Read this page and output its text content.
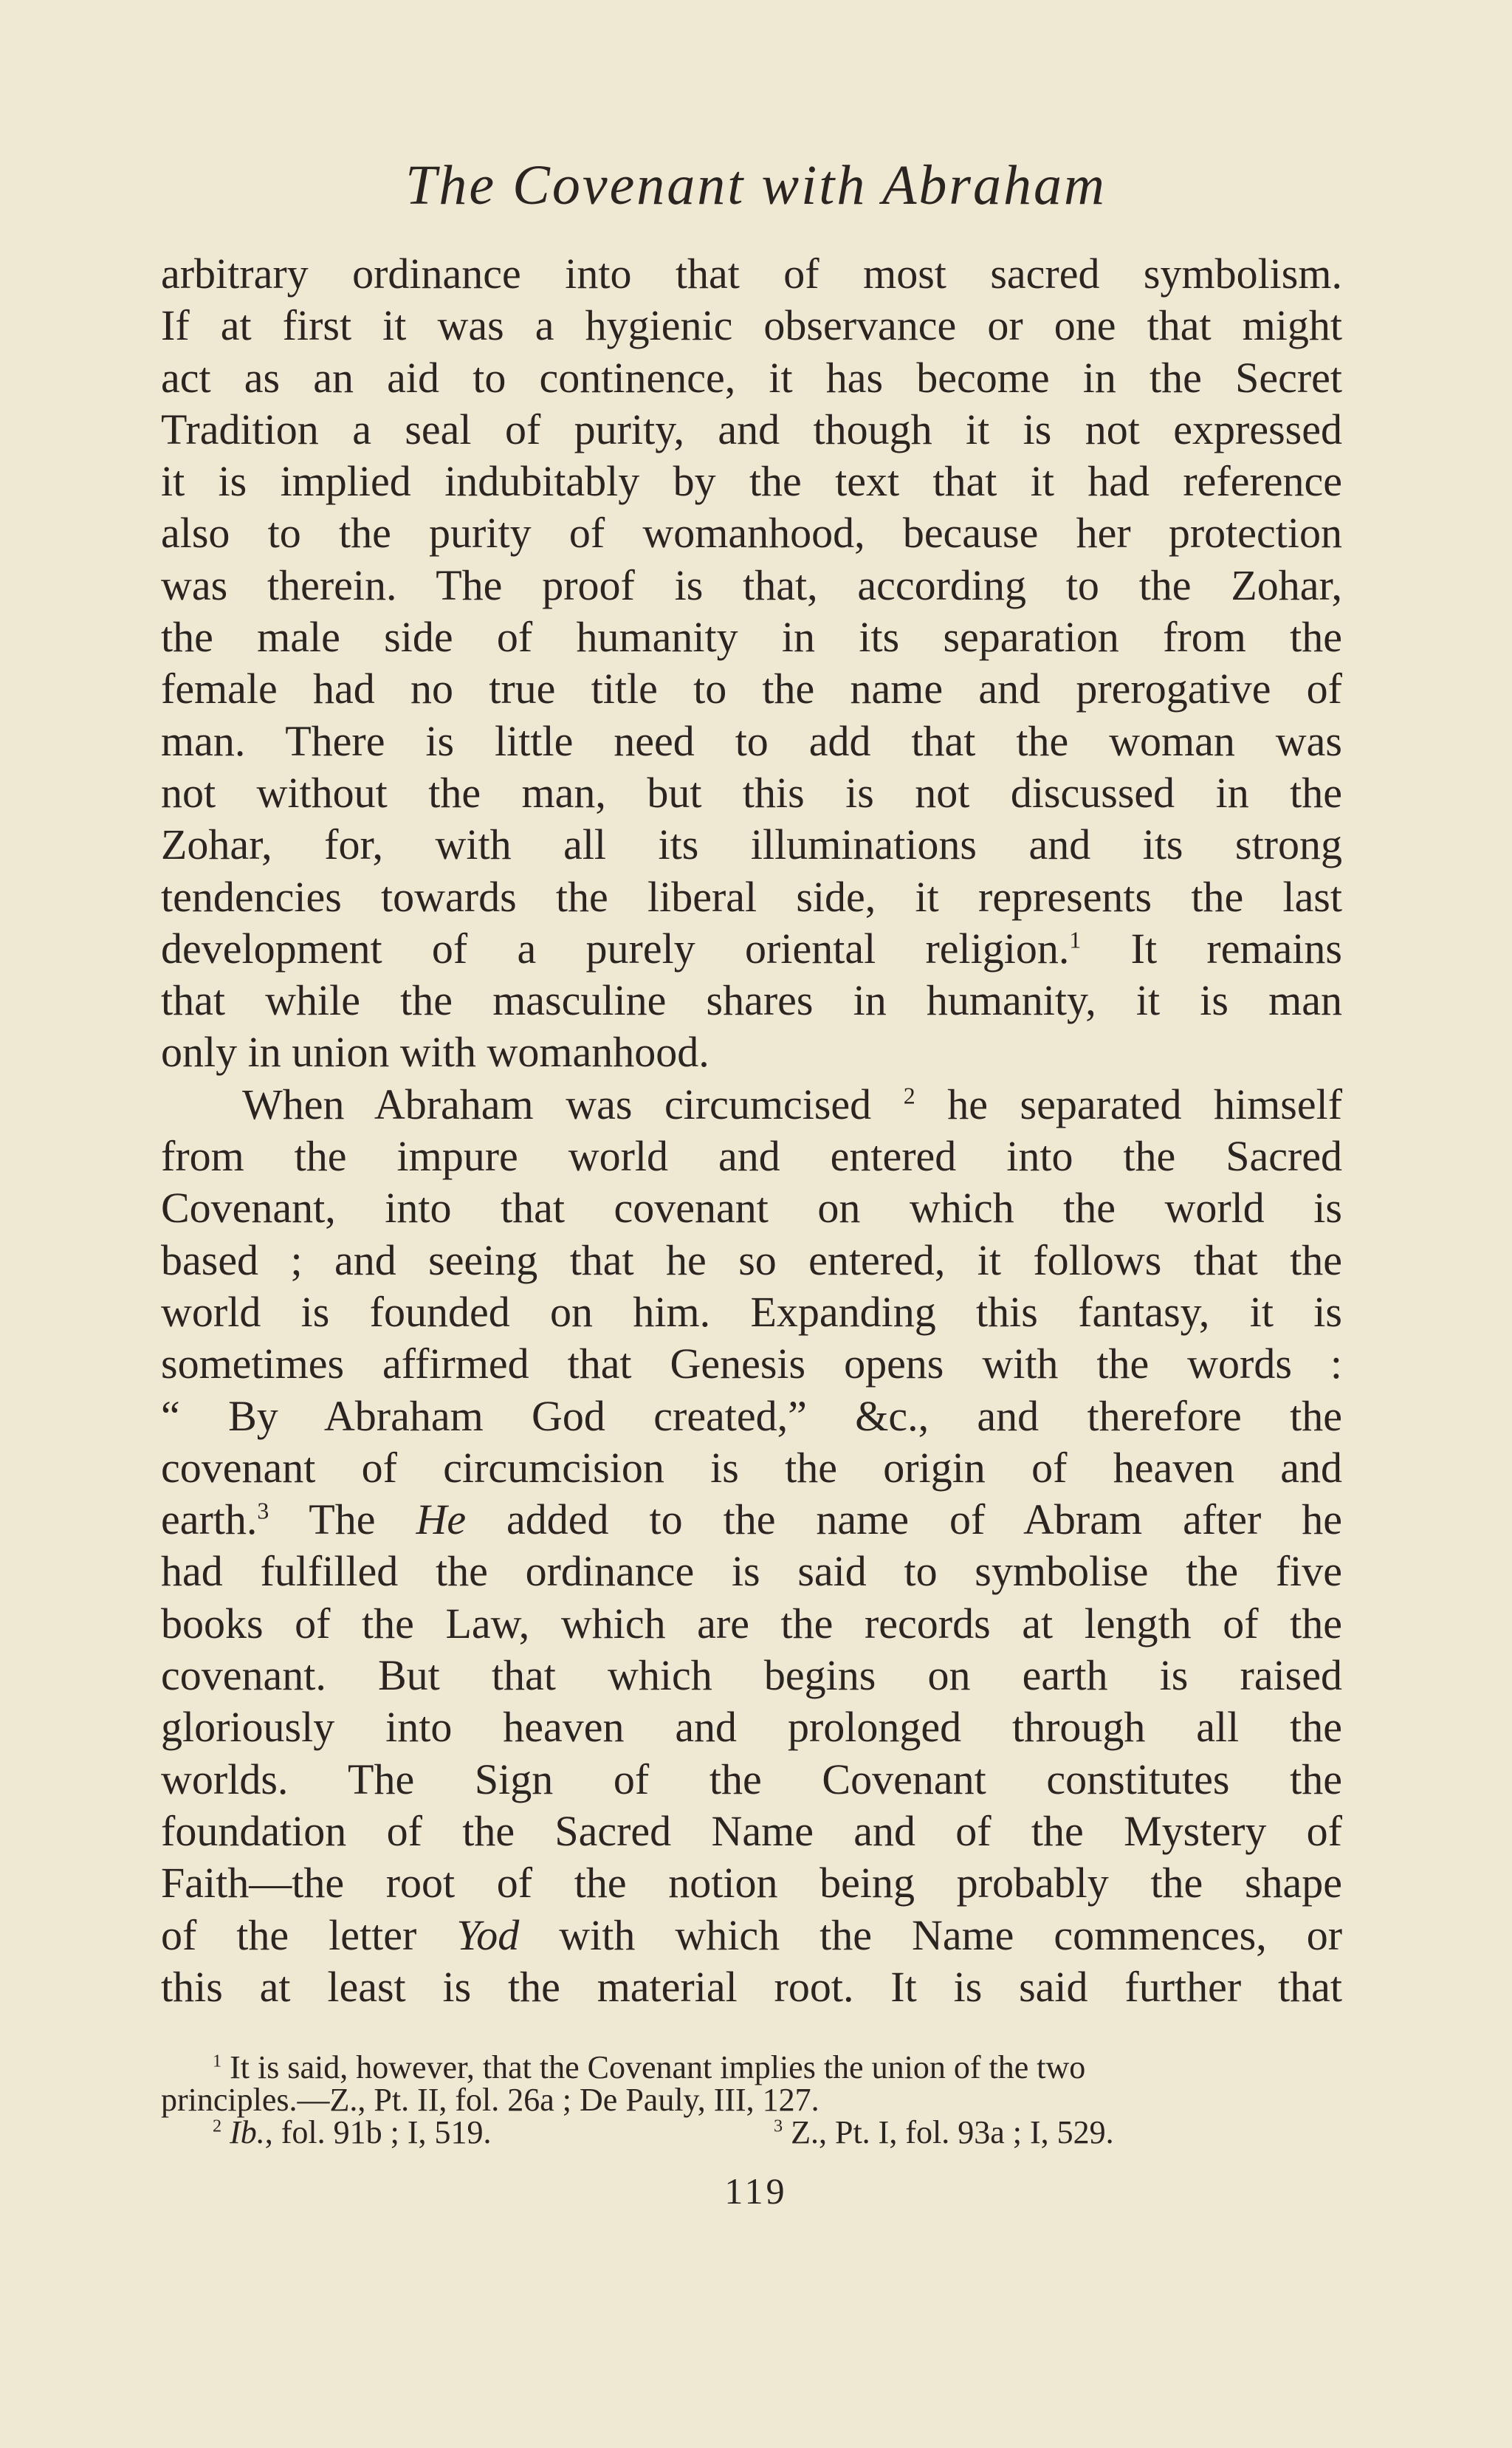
The Covenant with Abraham
arbitrary ordinance into that of most sacred symbolism.
If at first it was a hygienic observance or one that might
act as an aid to continence, it has become in the Secret
Tradition a seal of purity, and though it is not expressed
it is implied indubitably by the text that it had reference
also to the purity of womanhood, because her protection
was therein. The proof is that, according to the Zohar,
the male side of humanity in its separation from the
female had no true title to the name and prerogative of
man. There is little need to add that the woman was
not without the man, but this is not discussed in the
Zohar, for, with all its illuminations and its strong
tendencies towards the liberal side, it represents the last
development of a purely oriental religion.$^1$ It remains
that while the masculine shares in humanity, it is man
only in union with womanhood.
When Abraham was circumcised $^2$ he separated himself
from the impure world and entered into the Sacred
Covenant, into that covenant on which the world is
based ; and seeing that he so entered, it follows that the
world is founded on him. Expanding this fantasy, it is
sometimes affirmed that Genesis opens with the words :
“ By Abraham God created,” &c., and therefore the
covenant of circumcision is the origin of heaven and
earth.$^3$ The He added to the name of Abram after he
had fulfilled the ordinance is said to symbolise the five
books of the Law, which are the records at length of the
covenant. But that which begins on earth is raised
gloriously into heaven and prolonged through all the
worlds. The Sign of the Covenant constitutes the
foundation of the Sacred Name and of the Mystery of
Faith—the root of the notion being probably the shape
of the letter Yod with which the Name commences, or
this at least is the material root. It is said further that
$^1$ It is said, however, that the Covenant implies the union of the two
principles.—Z., Pt. II, fol. 26a ; De Pauly, III, 127.
$^2$ Ib., fol. 91b ; I, 519.	$^3$ Z., Pt. I, fol. 93a ; I, 529.
119
